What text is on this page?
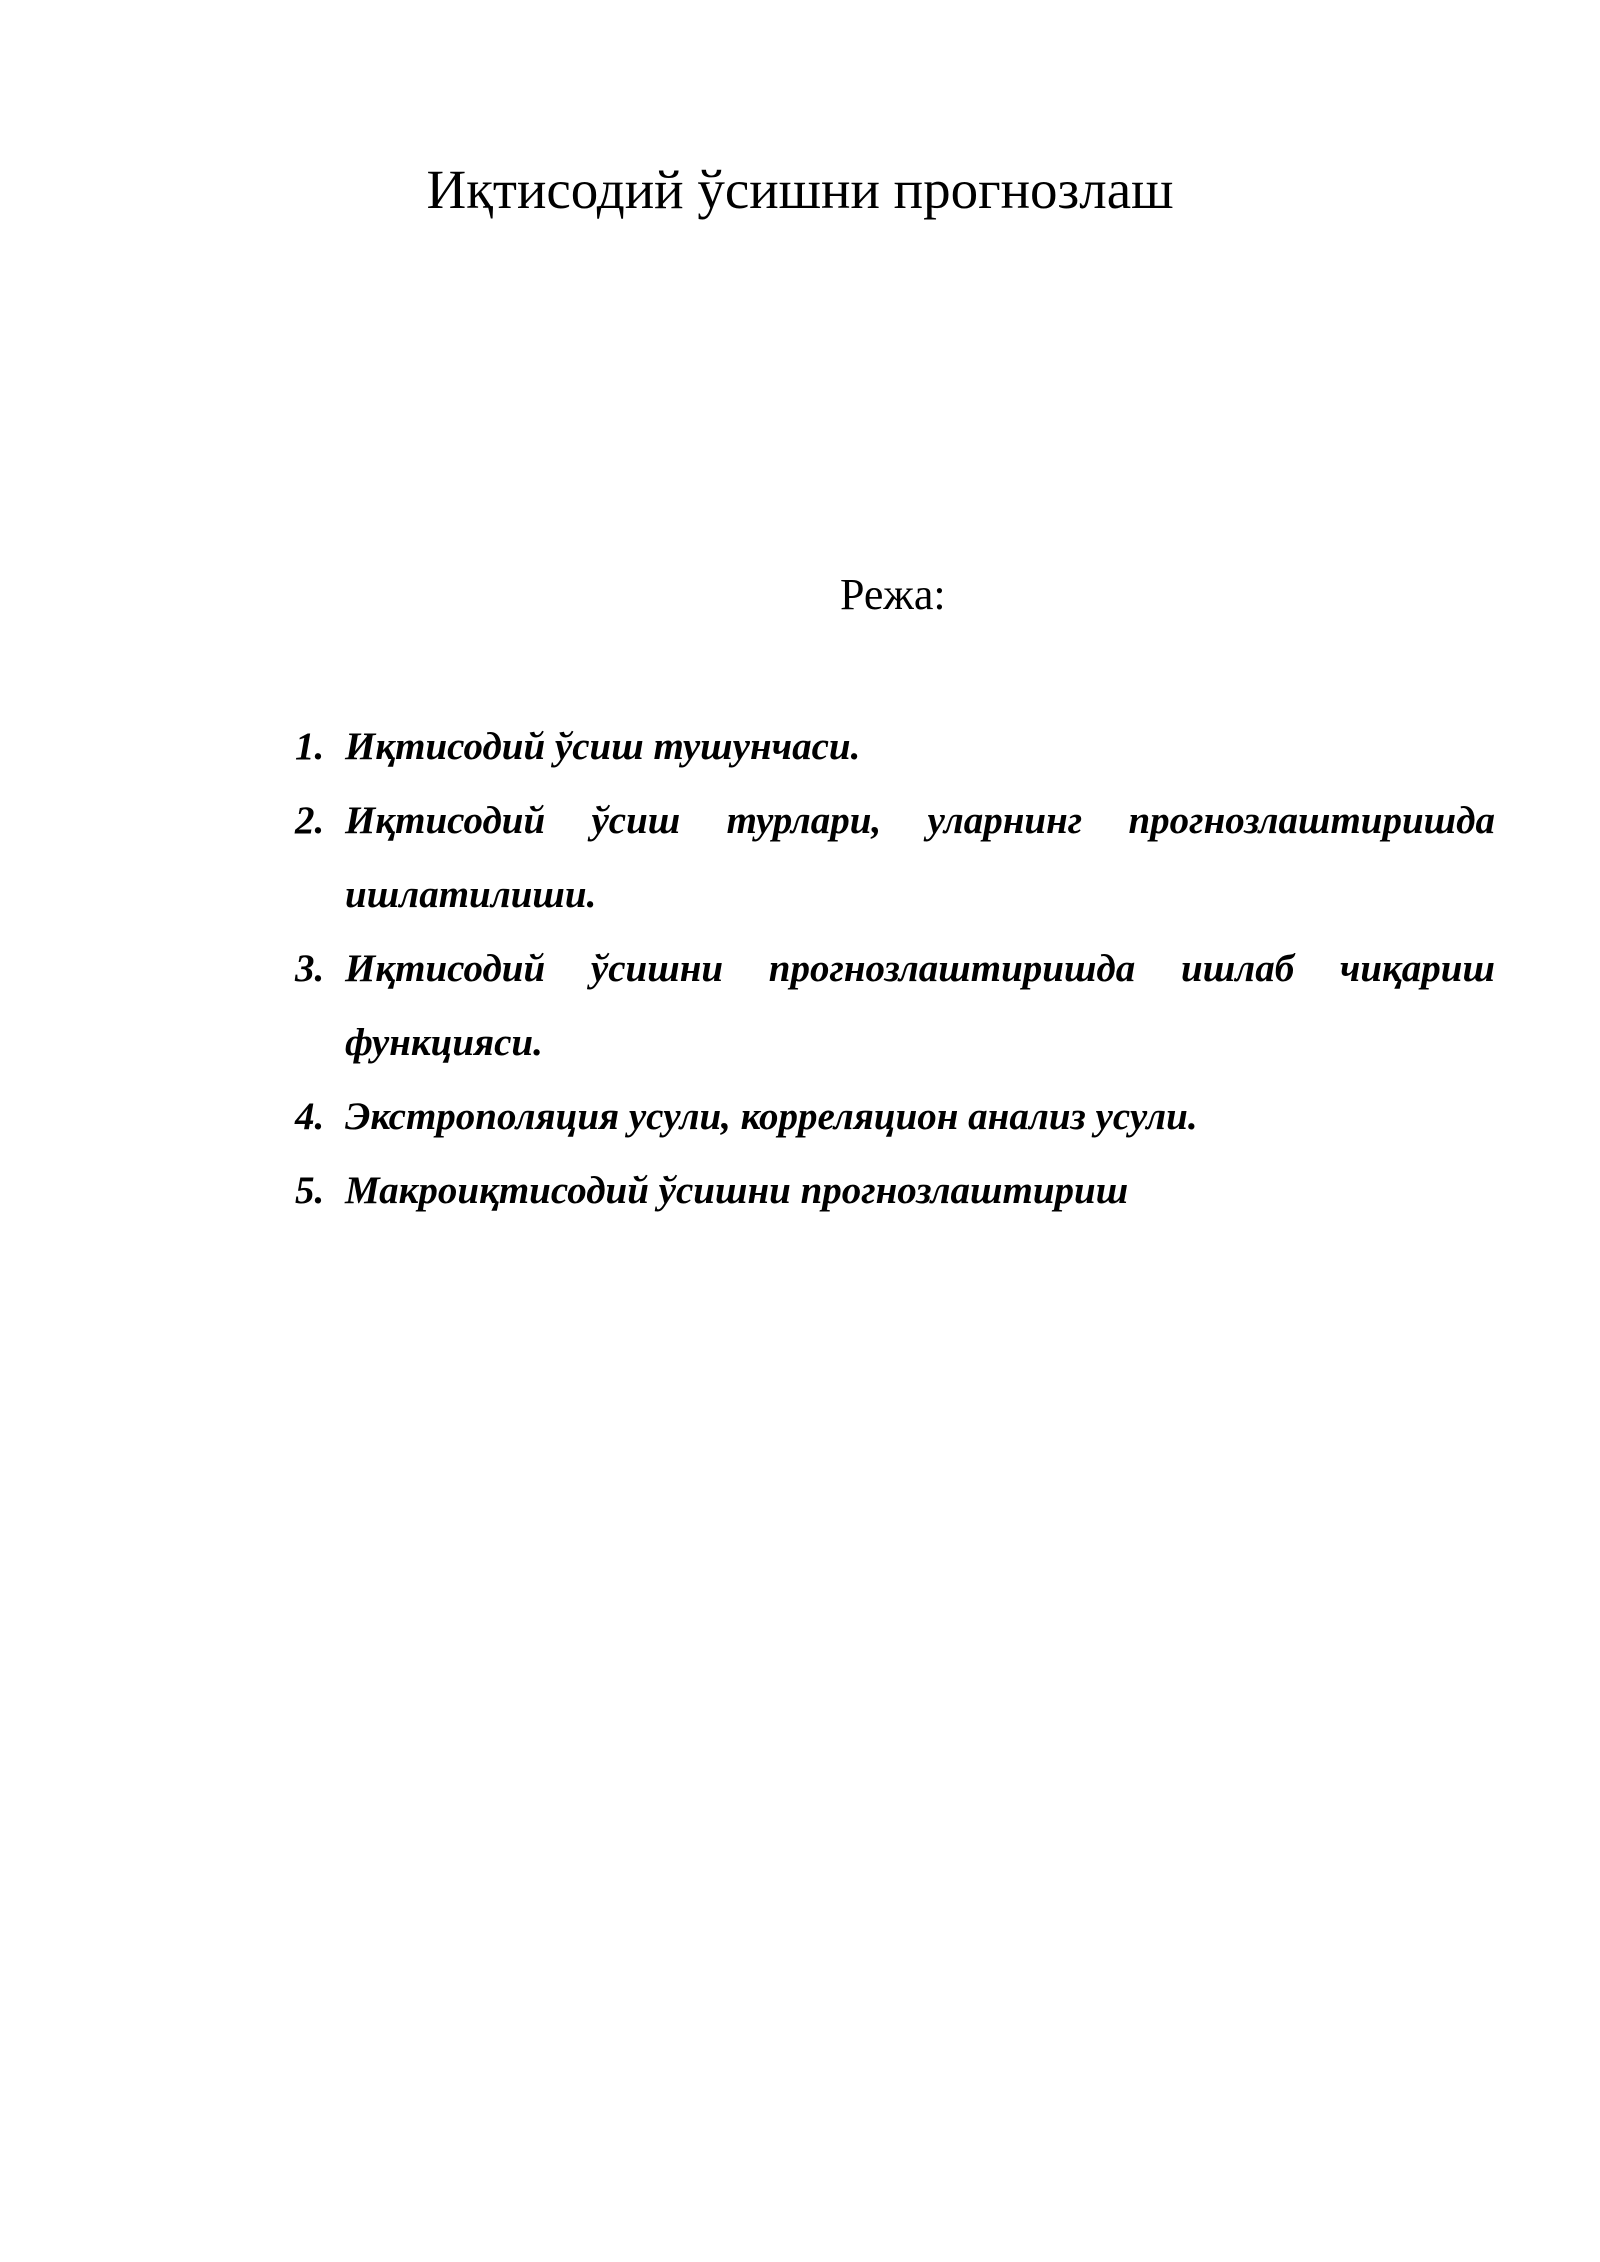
Иқтисодий ўсишни прогнозлаш

Режа:

1. Иқтисодий ўсиш тушунчаси.
2. Иқтисодий ўсиш турлари, уларнинг прогнозлаштиришда ишлатилиши.
3. Иқтисодий ўсишни прогнозлаштиришда ишлаб чиқариш функцияси.
4. Экстрополяция усули, корреляцион анализ усули.
5. Макроиқтисодий ўсишни прогнозлаштириш
